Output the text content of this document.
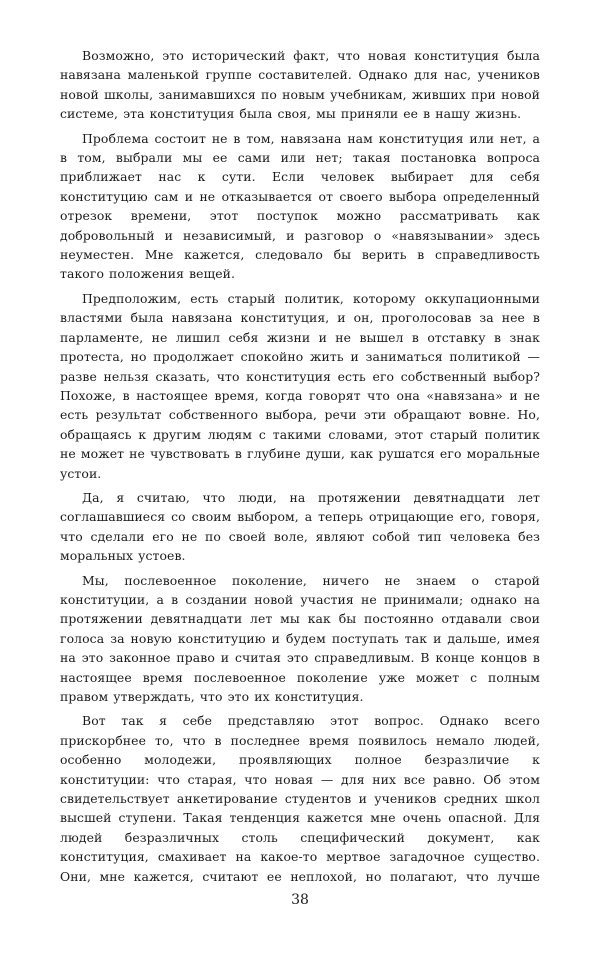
Возможно, это исторический факт, что новая конституция была навязана маленькой группе составителей. Однако для нас, учеников новой школы, занимавшихся по новым учебникам, живших при новой системе, эта конституция была своя, мы приняли ее в нашу жизнь.

Проблема состоит не в том, навязана нам конституция или нет, а в том, выбрали мы ее сами или нет; такая постановка вопроса приближает нас к сути. Если человек выбирает для себя конституцию сам и не отказывается от своего выбора определенный отрезок времени, этот поступок можно рассматривать как добровольный и независимый, и разговор о «навязывании» здесь неуместен. Мне кажется, следовало бы верить в справедливость такого положения вещей.

Предположим, есть старый политик, которому оккупационными властями была навязана конституция, и он, проголосовав за нее в парламенте, не лишил себя жизни и не вышел в отставку в знак протеста, но продолжает спокойно жить и заниматься политикой — разве нельзя сказать, что конституция есть его собственный выбор? Похоже, в настоящее время, когда говорят что она «навязана» и не есть результат собственного выбора, речи эти обращают вовне. Но, обращаясь к другим людям с такими словами, этот старый политик не может не чувствовать в глубине души, как рушатся его моральные устои.

Да, я считаю, что люди, на протяжении девятнадцати лет соглашавшиеся со своим выбором, а теперь отрицающие его, говоря, что сделали его не по своей воле, являют собой тип человека без моральных устоев.

Мы, послевоенное поколение, ничего не знаем о старой конституции, а в создании новой участия не принимали; однако на протяжении девятнадцати лет мы как бы постоянно отдавали свои голоса за новую конституцию и будем поступать так и дальше, имея на это законное право и считая это справедливым. В конце концов в настоящее время послевоенное поколение уже может с полным правом утверждать, что это их конституция.

Вот так я себе представляю этот вопрос. Однако всего прискорбнее то, что в последнее время появилось немало людей, особенно молодежи, проявляющих полное безразличие к конституции: что старая, что новая — для них все равно. Об этом свидетельствует анкетирование студентов и учеников средних школ высшей ступени. Такая тенденция кажется мне очень опасной. Для людей безразличных столь специфический документ, как конституция, смахивает на какое-то мертвое загадочное существо. Они, мне кажется, считают ее неплохой, но полагают, что лучше

38
